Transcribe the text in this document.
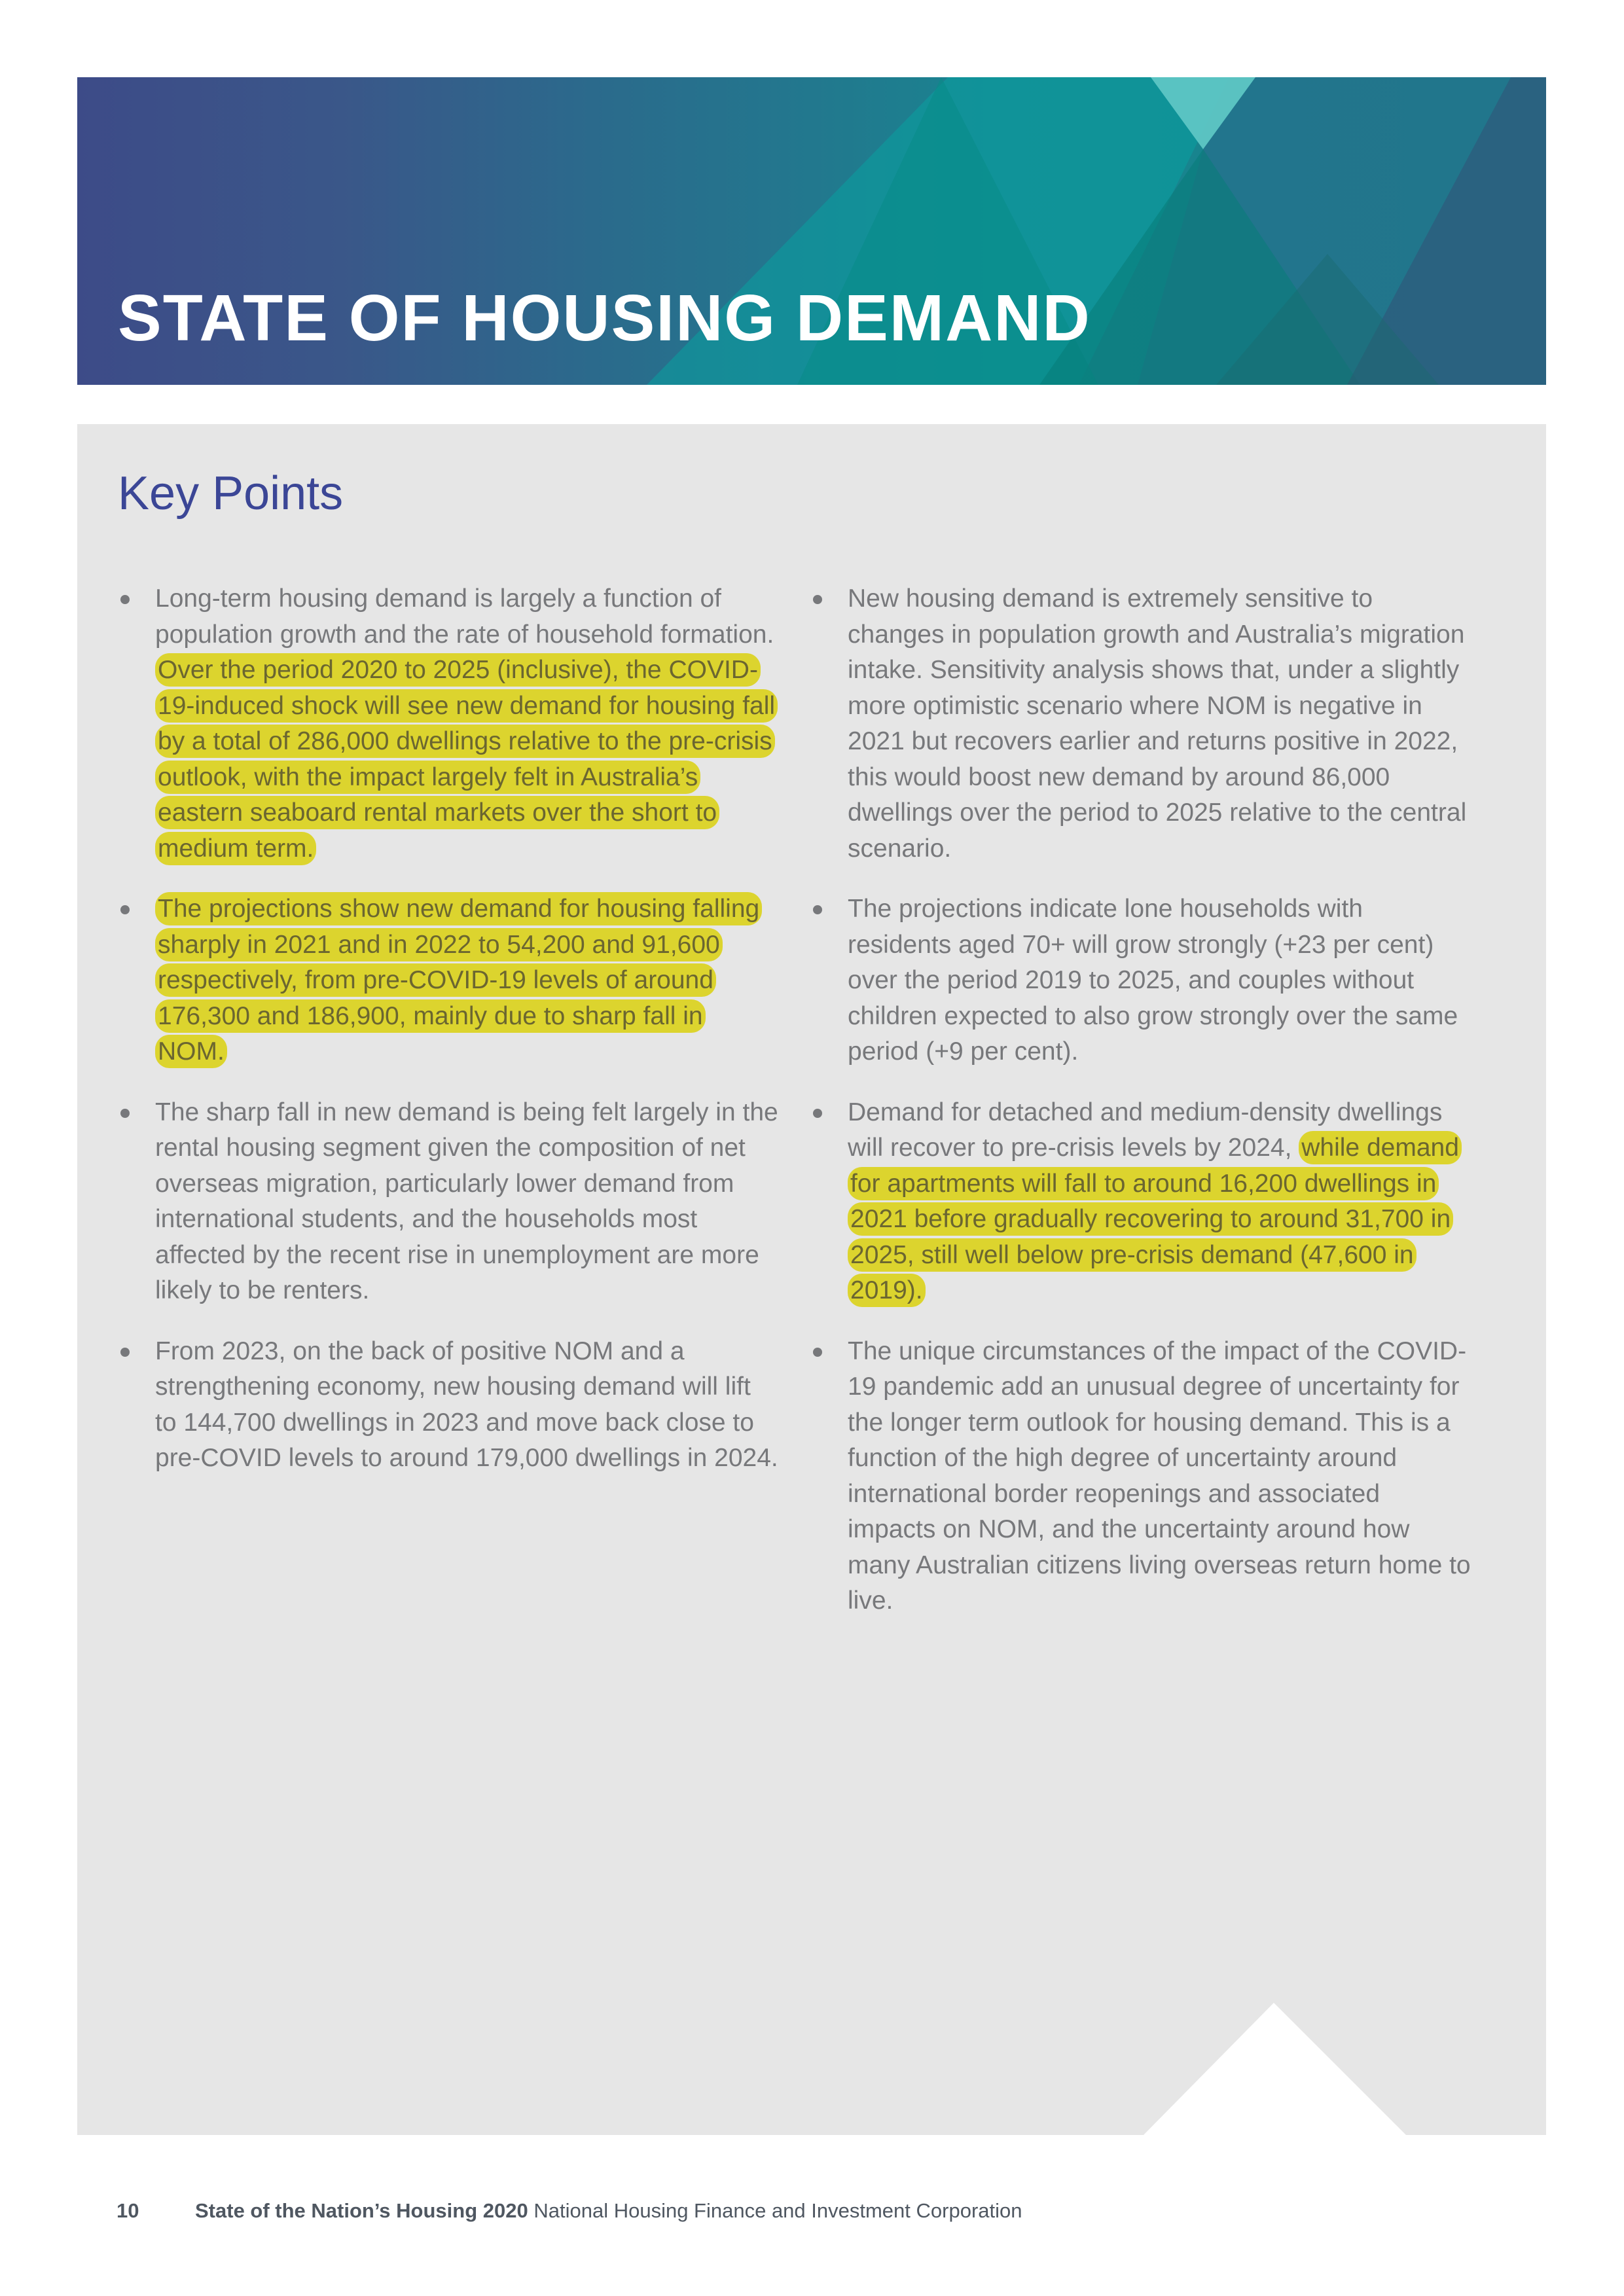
STATE OF HOUSING DEMAND
Key Points
Long-term housing demand is largely a function of population growth and the rate of household formation. Over the period 2020 to 2025 (inclusive), the COVID-19-induced shock will see new demand for housing fall by a total of 286,000 dwellings relative to the pre-crisis outlook, with the impact largely felt in Australia’s eastern seaboard rental markets over the short to medium term.
The projections show new demand for housing falling sharply in 2021 and in 2022 to 54,200 and 91,600 respectively, from pre-COVID-19 levels of around 176,300 and 186,900, mainly due to sharp fall in NOM.
The sharp fall in new demand is being felt largely in the rental housing segment given the composition of net overseas migration, particularly lower demand from international students, and the households most affected by the recent rise in unemployment are more likely to be renters.
From 2023, on the back of positive NOM and a strengthening economy, new housing demand will lift to 144,700 dwellings in 2023 and move back close to pre-COVID levels to around 179,000 dwellings in 2024.
New housing demand is extremely sensitive to changes in population growth and Australia’s migration intake. Sensitivity analysis shows that, under a slightly more optimistic scenario where NOM is negative in 2021 but recovers earlier and returns positive in 2022, this would boost new demand by around 86,000 dwellings over the period to 2025 relative to the central scenario.
The projections indicate lone households with residents aged 70+ will grow strongly (+23 per cent) over the period 2019 to 2025, and couples without children expected to also grow strongly over the same period (+9 per cent).
Demand for detached and medium-density dwellings will recover to pre-crisis levels by 2024, while demand for apartments will fall to around 16,200 dwellings in 2021 before gradually recovering to around 31,700 in 2025, still well below pre-crisis demand (47,600 in 2019).
The unique circumstances of the impact of the COVID-19 pandemic add an unusual degree of uncertainty for the longer term outlook for housing demand. This is a function of the high degree of uncertainty around international border reopenings and associated impacts on NOM, and the uncertainty around how many Australian citizens living overseas return home to live.
10	State of the Nation’s Housing 2020 National Housing Finance and Investment Corporation
